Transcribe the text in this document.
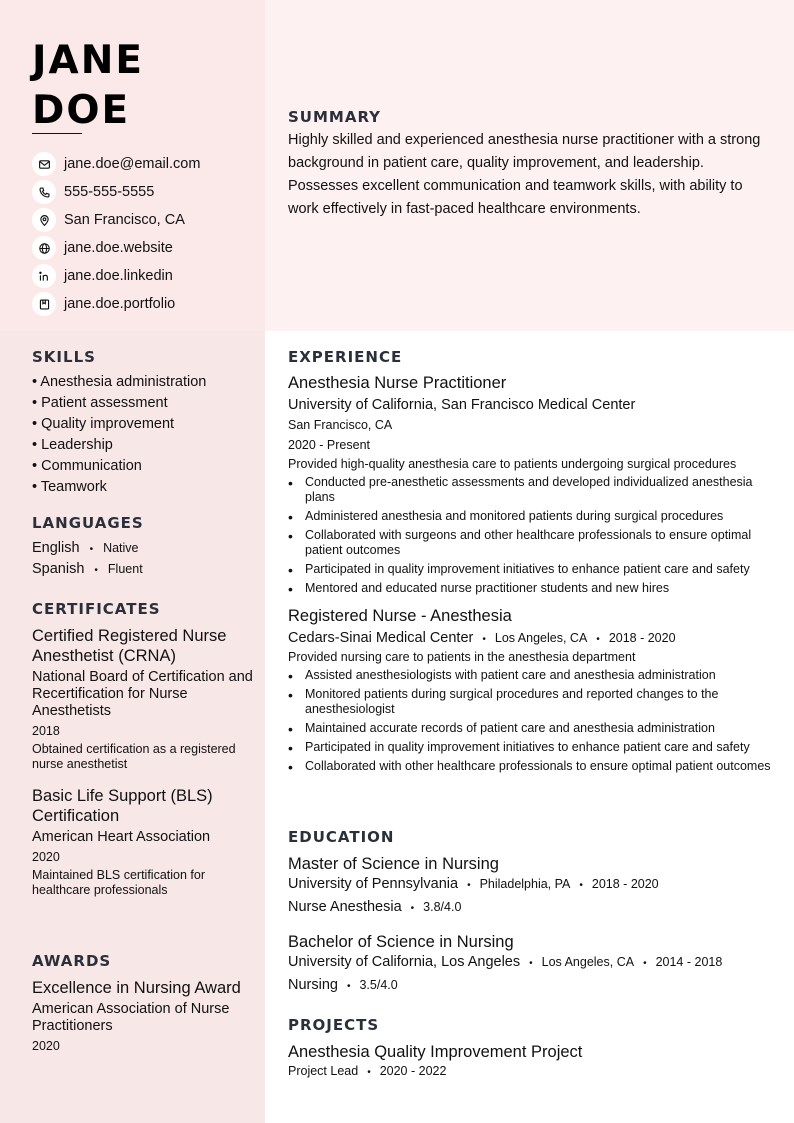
JANE DOE
jane.doe@email.com
555-555-5555
San Francisco, CA
jane.doe.website
jane.doe.linkedin
jane.doe.portfolio
SUMMARY
Highly skilled and experienced anesthesia nurse practitioner with a strong background in patient care, quality improvement, and leadership. Possesses excellent communication and teamwork skills, with ability to work effectively in fast-paced healthcare environments.
SKILLS
• Anesthesia administration
• Patient assessment
• Quality improvement
• Leadership
• Communication
• Teamwork
LANGUAGES
English • Native
Spanish • Fluent
CERTIFICATES
Certified Registered Nurse Anesthetist (CRNA)
National Board of Certification and Recertification for Nurse Anesthetists
2018
Obtained certification as a registered nurse anesthetist
Basic Life Support (BLS) Certification
American Heart Association
2020
Maintained BLS certification for healthcare professionals
AWARDS
Excellence in Nursing Award
American Association of Nurse Practitioners
2020
EXPERIENCE
Anesthesia Nurse Practitioner
University of California, San Francisco Medical Center
San Francisco, CA
2020 - Present
Provided high-quality anesthesia care to patients undergoing surgical procedures
• Conducted pre-anesthetic assessments and developed individualized anesthesia plans
• Administered anesthesia and monitored patients during surgical procedures
• Collaborated with surgeons and other healthcare professionals to ensure optimal patient outcomes
• Participated in quality improvement initiatives to enhance patient care and safety
• Mentored and educated nurse practitioner students and new hires
Registered Nurse - Anesthesia
Cedars-Sinai Medical Center • Los Angeles, CA • 2018 - 2020
Provided nursing care to patients in the anesthesia department
• Assisted anesthesiologists with patient care and anesthesia administration
• Monitored patients during surgical procedures and reported changes to the anesthesiologist
• Maintained accurate records of patient care and anesthesia administration
• Participated in quality improvement initiatives to enhance patient care and safety
• Collaborated with other healthcare professionals to ensure optimal patient outcomes
EDUCATION
Master of Science in Nursing
University of Pennsylvania • Philadelphia, PA • 2018 - 2020
Nurse Anesthesia • 3.8/4.0
Bachelor of Science in Nursing
University of California, Los Angeles • Los Angeles, CA • 2014 - 2018
Nursing • 3.5/4.0
PROJECTS
Anesthesia Quality Improvement Project
Project Lead • 2020 - 2022
